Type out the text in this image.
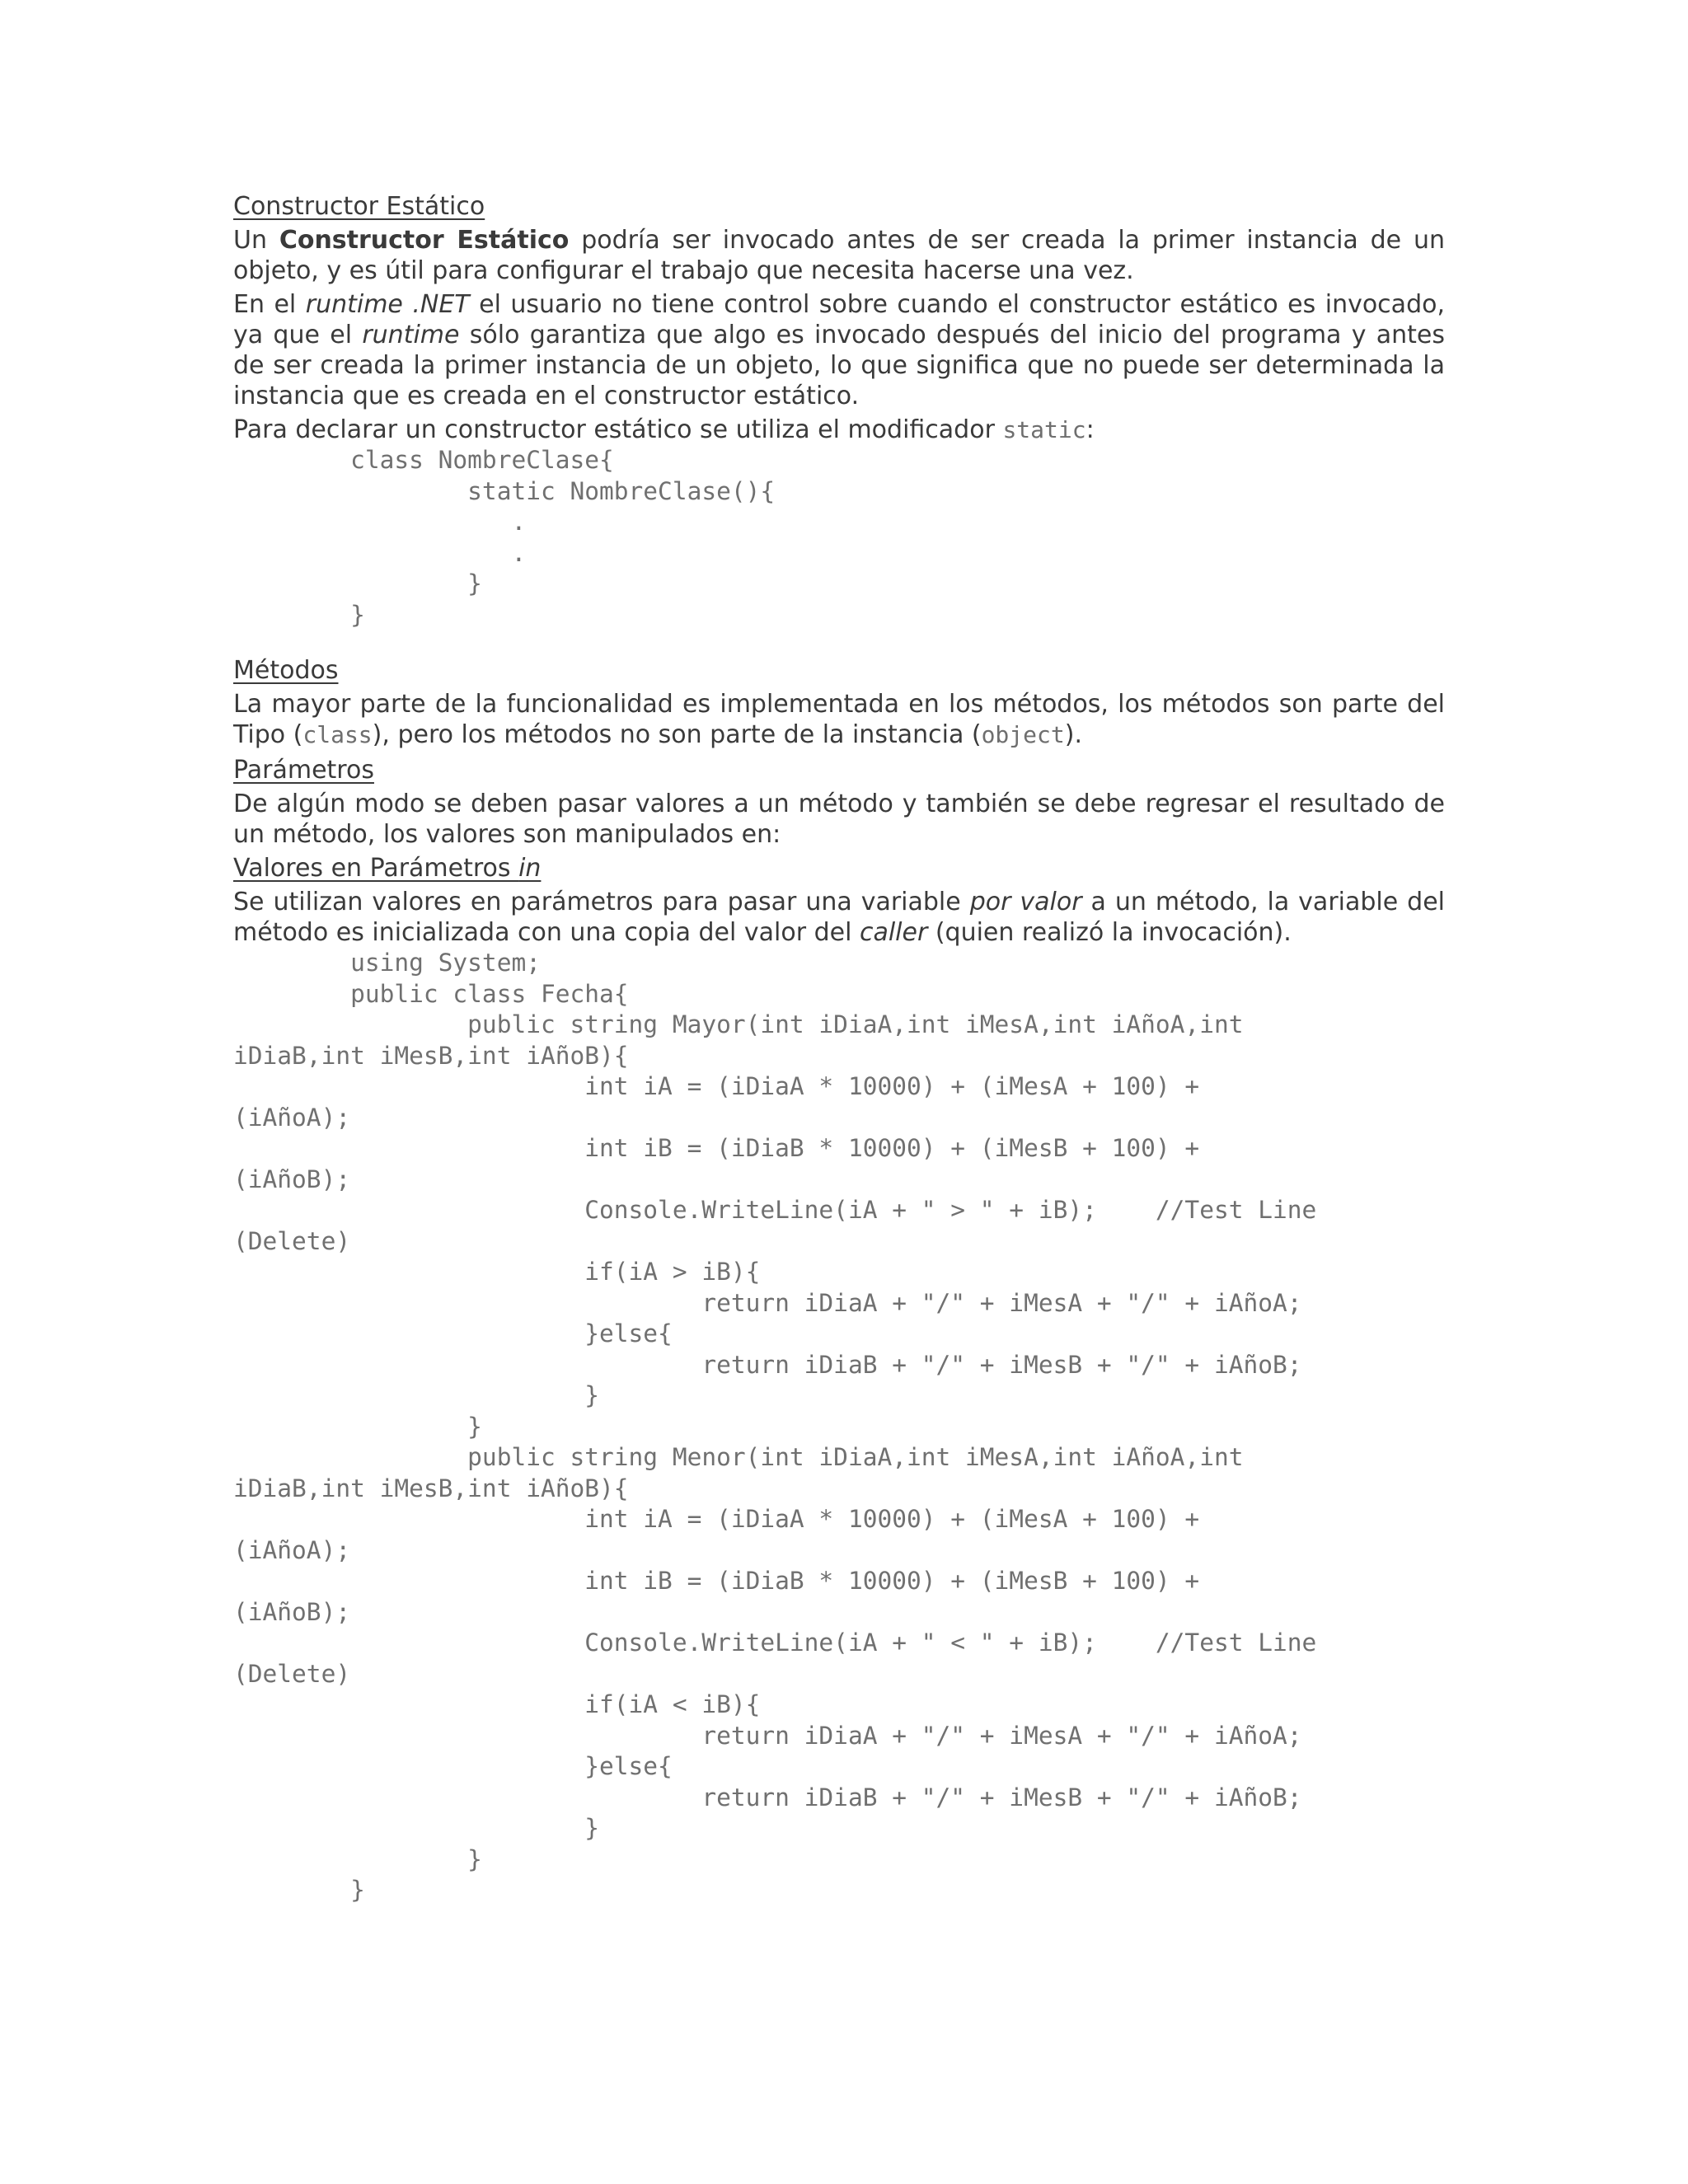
Constructor Estático

Un Constructor Estático podría ser invocado antes de ser creada la primer instancia de un objeto, y es útil para configurar el trabajo que necesita hacerse una vez.

En el runtime .NET el usuario no tiene control sobre cuando el constructor estático es invocado, ya que el runtime sólo garantiza que algo es invocado después del inicio del programa y antes de ser creada la primer instancia de un objeto, lo que significa que no puede ser determinada la instancia que es creada en el constructor estático.

Para declarar un constructor estático se utiliza el modificador static:

class NombreClase{
static NombreClase(){
.
.
}
}

Métodos

La mayor parte de la funcionalidad es implementada en los métodos, los métodos son parte del Tipo (class), pero los métodos no son parte de la instancia (object).

Parámetros

De algún modo se deben pasar valores a un método y también se debe regresar el resultado de un método, los valores son manipulados en:

Valores en Parámetros in

Se utilizan valores en parámetros para pasar una variable por valor a un método, la variable del método es inicializada con una copia del valor del caller (quien realizó la invocación).

using System;
public class Fecha{
public string Mayor(int iDiaA,int iMesA,int iAñoA,int
iDiaB,int iMesB,int iAñoB){
int iA = (iDiaA * 10000) + (iMesA + 100) +
(iAñoA);
int iB = (iDiaB * 10000) + (iMesB + 100) +
(iAñoB);
Console.WriteLine(iA + " > " + iB);    //Test Line
(Delete)
if(iA > iB){
return iDiaA + "/" + iMesA + "/" + iAñoA;
}else{
return iDiaB + "/" + iMesB + "/" + iAñoB;
}
}
public string Menor(int iDiaA,int iMesA,int iAñoA,int
iDiaB,int iMesB,int iAñoB){
int iA = (iDiaA * 10000) + (iMesA + 100) +
(iAñoA);
int iB = (iDiaB * 10000) + (iMesB + 100) +
(iAñoB);
Console.WriteLine(iA + " < " + iB);    //Test Line
(Delete)
if(iA < iB){
return iDiaA + "/" + iMesA + "/" + iAñoA;
}else{
return iDiaB + "/" + iMesB + "/" + iAñoB;
}
}
}
